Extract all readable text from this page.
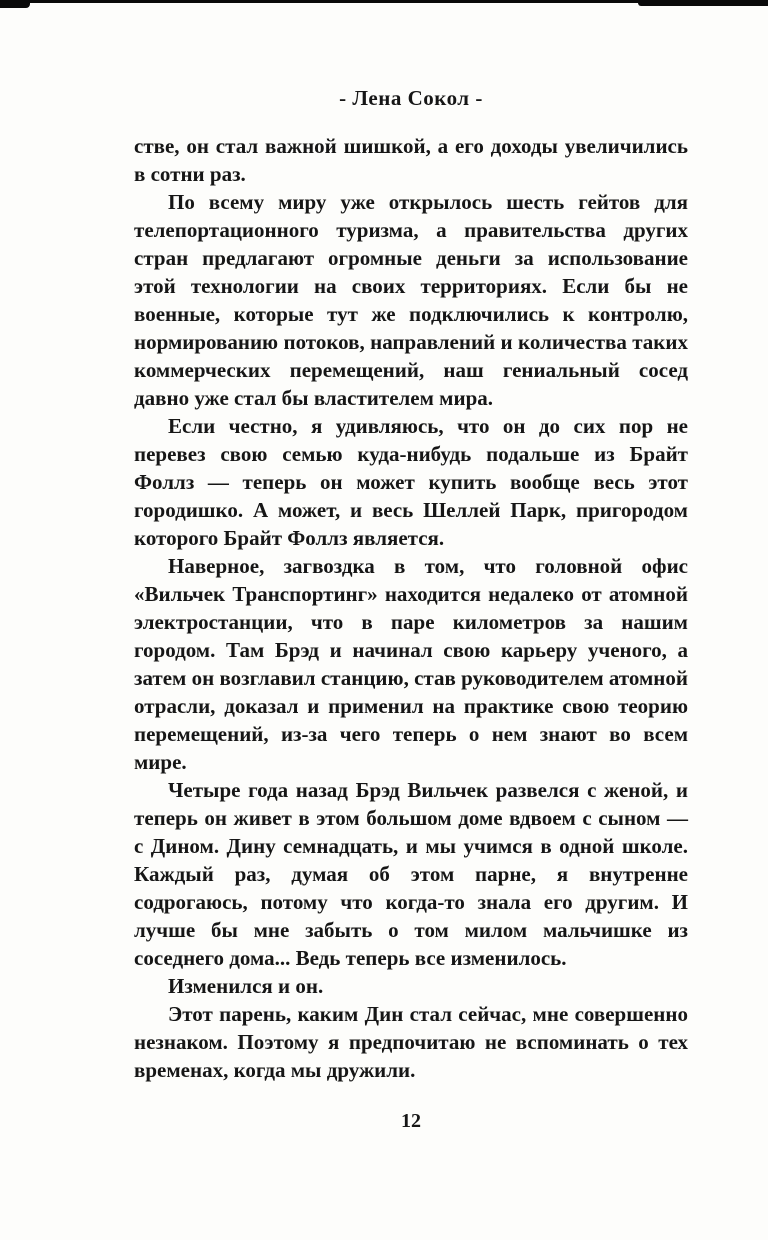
- Лена Сокол -

стве, он стал важной шишкой, а его доходы увеличились в сотни раз.

По всему миру уже открылось шесть гейтов для телепортационного туризма, а правительства других стран предлагают огромные деньги за использование этой технологии на своих территориях. Если бы не военные, которые тут же подключились к контролю, нормированию потоков, направлений и количества таких коммерческих перемещений, наш гениальный сосед давно уже стал бы властителем мира.

Если честно, я удивляюсь, что он до сих пор не перевез свою семью куда-нибудь подальше из Брайт Фоллз — теперь он может купить вообще весь этот городишко. А может, и весь Шеллей Парк, пригородом которого Брайт Фоллз является.

Наверное, загвоздка в том, что головной офис «Вильчек Транспортинг» находится недалеко от атомной электростанции, что в паре километров за нашим городом. Там Брэд и начинал свою карьеру ученого, а затем он возглавил станцию, став руководителем атомной отрасли, доказал и применил на практике свою теорию перемещений, из-за чего теперь о нем знают во всем мире.

Четыре года назад Брэд Вильчек развелся с женой, и теперь он живет в этом большом доме вдвоем с сыном — с Дином. Дину семнадцать, и мы учимся в одной школе. Каждый раз, думая об этом парне, я внутренне содрогаюсь, потому что когда-то знала его другим. И лучше бы мне забыть о том милом мальчишке из соседнего дома... Ведь теперь все изменилось.

Изменился и он.

Этот парень, каким Дин стал сейчас, мне совершенно незнаком. Поэтому я предпочитаю не вспоминать о тех временах, когда мы дружили.

12
